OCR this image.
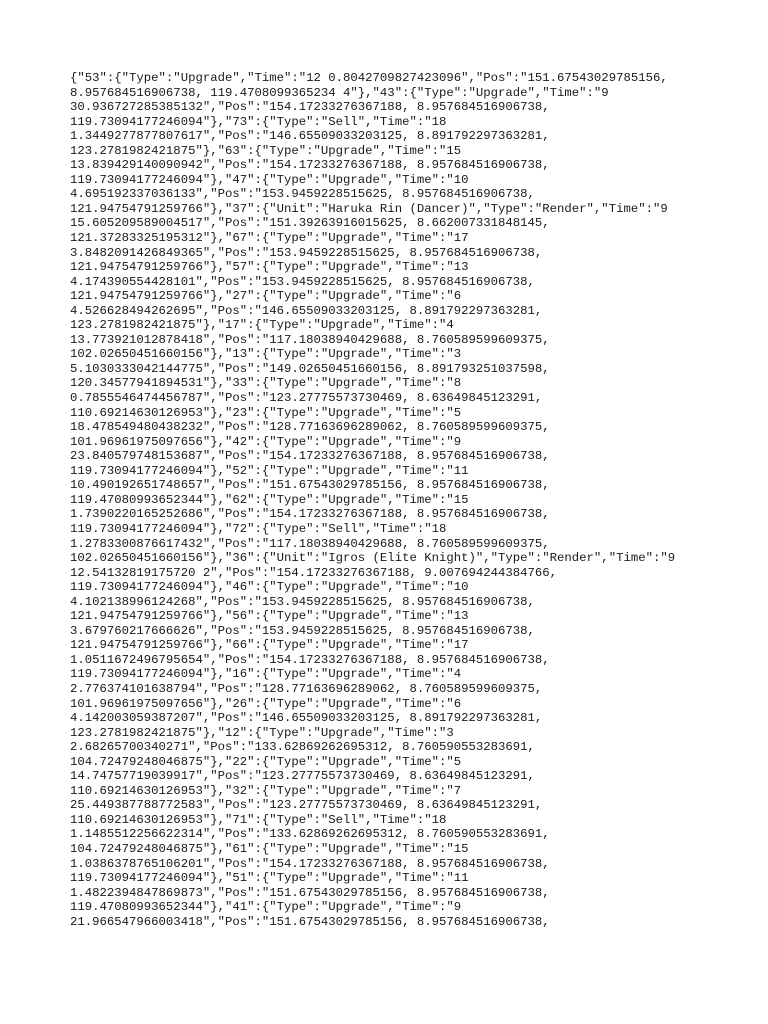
{"53":{"Type":"Upgrade","Time":"12 0.8042709827423096","Pos":"151.67543029785156,
8.957684516906738, 119.4708099365234 4"},"43":{"Type":"Upgrade","Time":"9
30.936727285385132","Pos":"154.17233276367188, 8.957684516906738,
119.73094177246094"},"73":{"Type":"Sell","Time":"18
1.3449277877807617","Pos":"146.65509033203125, 8.891792297363281,
123.2781982421875"},"63":{"Type":"Upgrade","Time":"15
13.839429140090942","Pos":"154.17233276367188, 8.957684516906738,
119.73094177246094"},"47":{"Type":"Upgrade","Time":"10
4.695192337036133","Pos":"153.9459228515625, 8.957684516906738,
121.94754791259766"},"37":{"Unit":"Haruka Rin (Dancer)","Type":"Render","Time":"9
15.605209589004517","Pos":"151.39263916015625, 8.662007331848145,
121.37283325195312"},"67":{"Type":"Upgrade","Time":"17
3.8482091426849365","Pos":"153.9459228515625, 8.957684516906738,
121.94754791259766"},"57":{"Type":"Upgrade","Time":"13
4.174390554428101","Pos":"153.9459228515625, 8.957684516906738,
121.94754791259766"},"27":{"Type":"Upgrade","Time":"6
4.526628494262695","Pos":"146.65509033203125, 8.891792297363281,
123.2781982421875"},"17":{"Type":"Upgrade","Time":"4
13.773921012878418","Pos":"117.18038940429688, 8.760589599609375,
102.02650451660156"},"13":{"Type":"Upgrade","Time":"3
5.1030333042144775","Pos":"149.02650451660156, 8.891793251037598,
120.34577941894531"},"33":{"Type":"Upgrade","Time":"8
0.7855546474456787","Pos":"123.27775573730469, 8.63649845123291,
110.69214630126953"},"23":{"Type":"Upgrade","Time":"5
18.478549480438232","Pos":"128.77163696289062, 8.760589599609375,
101.96961975097656"},"42":{"Type":"Upgrade","Time":"9
23.840579748153687","Pos":"154.17233276367188, 8.957684516906738,
119.73094177246094"},"52":{"Type":"Upgrade","Time":"11
10.490192651748657","Pos":"151.67543029785156, 8.957684516906738,
119.47080993652344"},"62":{"Type":"Upgrade","Time":"15
1.7390220165252686","Pos":"154.17233276367188, 8.957684516906738,
119.73094177246094"},"72":{"Type":"Sell","Time":"18
1.2783300876617432","Pos":"117.18038940429688, 8.760589599609375,
102.02650451660156"},"36":{"Unit":"Igros (Elite Knight)","Type":"Render","Time":"9
12.54132819175720 2","Pos":"154.17233276367188, 9.007694244384766,
119.73094177246094"},"46":{"Type":"Upgrade","Time":"10
4.102138996124268","Pos":"153.9459228515625, 8.957684516906738,
121.94754791259766"},"56":{"Type":"Upgrade","Time":"13
3.679760217666626","Pos":"153.9459228515625, 8.957684516906738,
121.94754791259766"},"66":{"Type":"Upgrade","Time":"17
1.0511672496795654","Pos":"154.17233276367188, 8.957684516906738,
119.73094177246094"},"16":{"Type":"Upgrade","Time":"4
2.776374101638794","Pos":"128.77163696289062, 8.760589599609375,
101.96961975097656"},"26":{"Type":"Upgrade","Time":"6
4.142003059387207","Pos":"146.65509033203125, 8.891792297363281,
123.2781982421875"},"12":{"Type":"Upgrade","Time":"3
2.68265700340271","Pos":"133.62869262695312, 8.760590553283691,
104.72479248046875"},"22":{"Type":"Upgrade","Time":"5
14.74757719039917","Pos":"123.27775573730469, 8.63649845123291,
110.69214630126953"},"32":{"Type":"Upgrade","Time":"7
25.449387788772583","Pos":"123.27775573730469, 8.63649845123291,
110.69214630126953"},"71":{"Type":"Sell","Time":"18
1.1485512256622314","Pos":"133.62869262695312, 8.760590553283691,
104.72479248046875"},"61":{"Type":"Upgrade","Time":"15
1.0386378765106201","Pos":"154.17233276367188, 8.957684516906738,
119.73094177246094"},"51":{"Type":"Upgrade","Time":"11
1.4822394847869873","Pos":"151.67543029785156, 8.957684516906738,
119.47080993652344"},"41":{"Type":"Upgrade","Time":"9
21.966547966003418","Pos":"151.67543029785156, 8.957684516906738,
